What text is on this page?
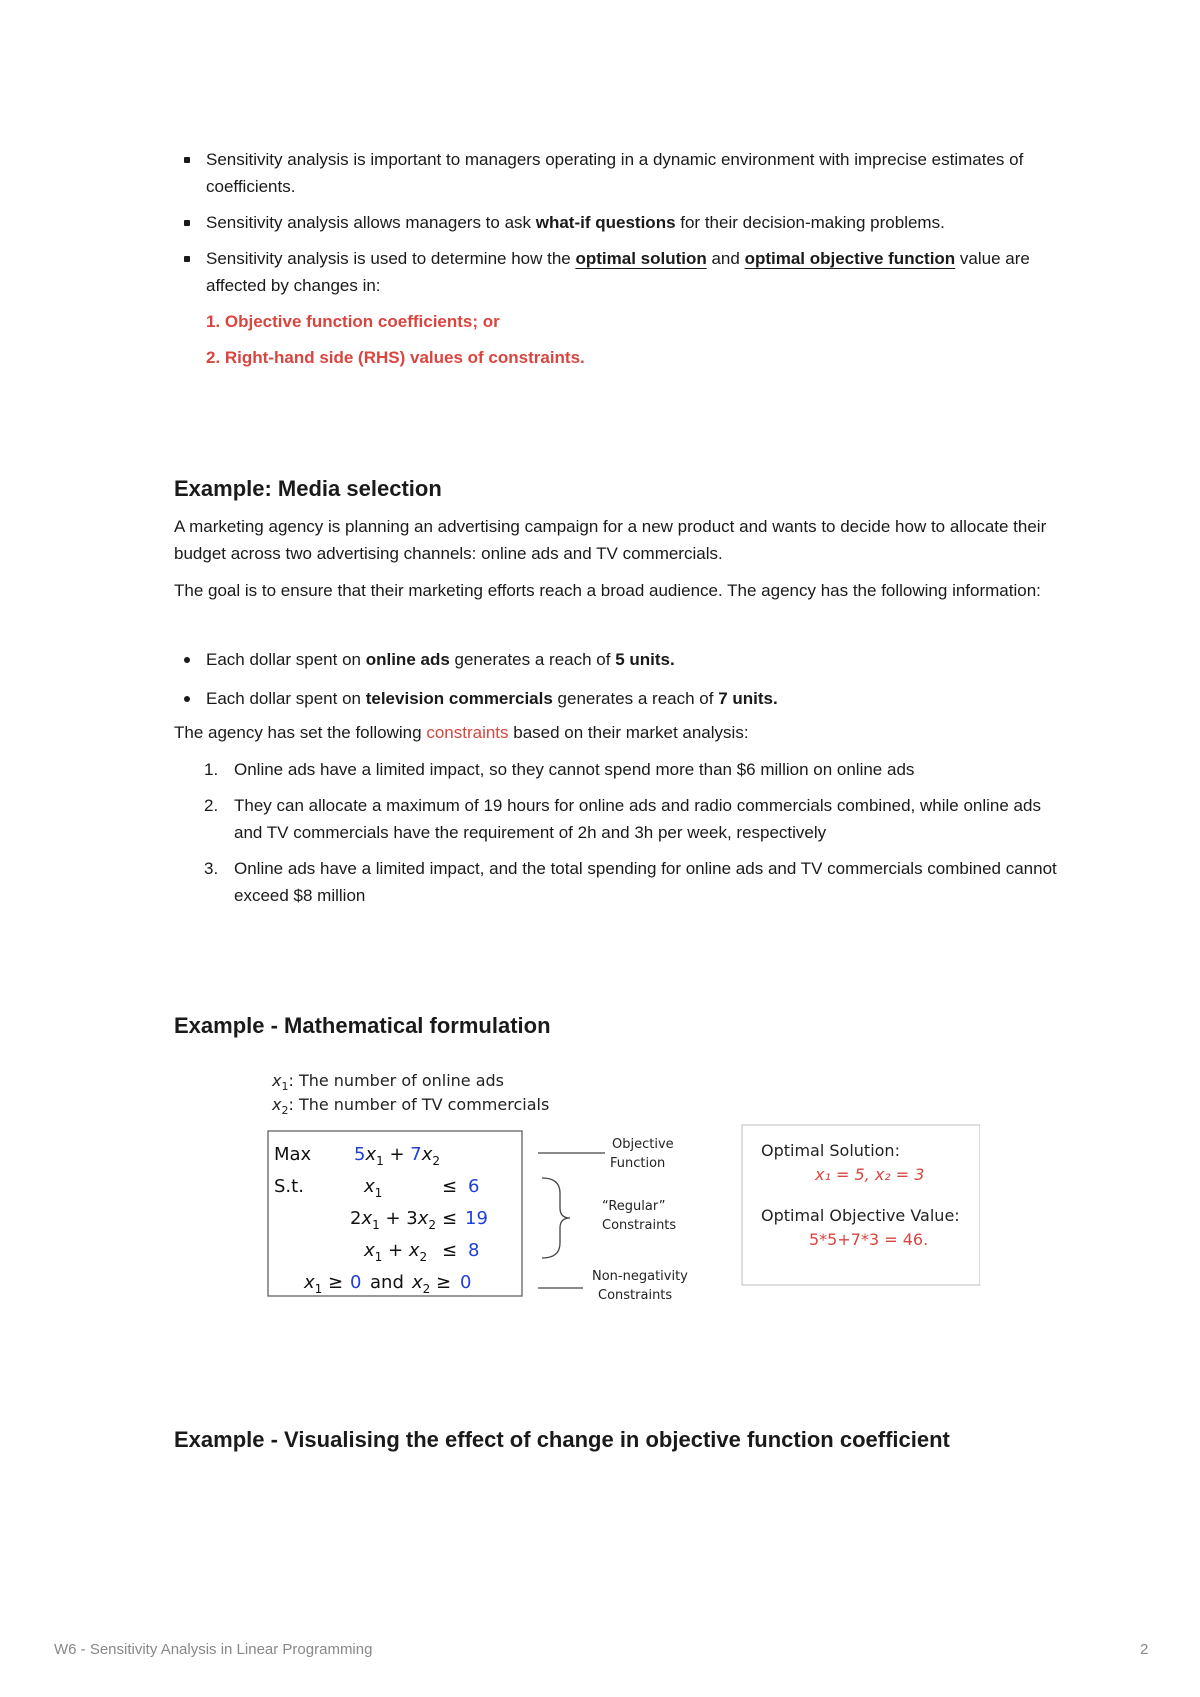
Sensitivity analysis is important to managers operating in a dynamic environment with imprecise estimates of coefficients.
Sensitivity analysis allows managers to ask what-if questions for their decision-making problems.
Sensitivity analysis is used to determine how the optimal solution and optimal objective function value are affected by changes in:
1. Objective function coefficients; or
2. Right-hand side (RHS) values of constraints.
Example: Media selection

A marketing agency is planning an advertising campaign for a new product and wants to decide how to allocate their budget across two advertising channels: online ads and TV commercials.

The goal is to ensure that their marketing efforts reach a broad audience. The agency has the following information:

Each dollar spent on online ads generates a reach of 5 units.
Each dollar spent on television commercials generates a reach of 7 units.

The agency has set the following constraints based on their market analysis:

1. Online ads have a limited impact, so they cannot spend more than $6 million on online ads
2. They can allocate a maximum of 19 hours for online ads and radio commercials combined, while online ads and TV commercials have the requirement of 2h and 3h per week, respectively
3. Online ads have a limited impact, and the total spending for online ads and TV commercials combined cannot exceed $8 million
Example - Mathematical formulation
$x_1$: The number of online ads
$x_2$: The number of TV commercials
Max $5x_1 + 7x_2$
S.t.	$x_1$	≤ 6
$2x_1 + 3x_2 \le 19$
$x_1 + x_2 \le 8$
$x_1 \ge 0$ and $x_2 \ge 0$
Objective
Function
“Regular”
Constraints
Non-negativity
Constraints
Optimal Solution:
x₁ = 5, x₂ = 3
Optimal Objective Value:
5*5+7*3 = 46.
Example - Visualising the effect of change in objective function coefficient
W6 - Sensitivity Analysis in Linear Programming	2
